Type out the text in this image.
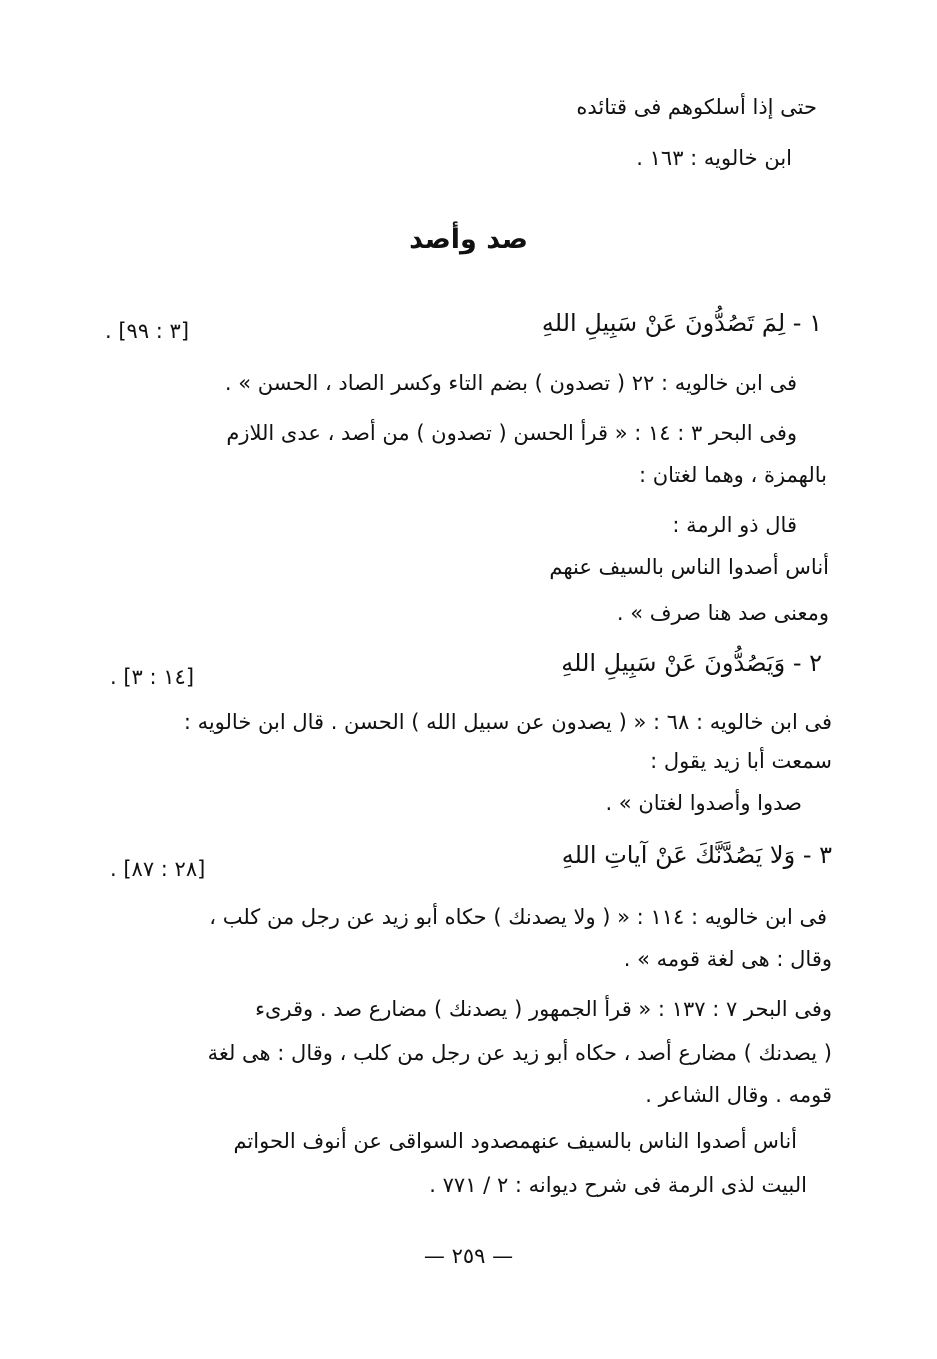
حتى إذا أسلكوهم فى قتائده
ابن خالويه : ١٦٣ .
صد وأصد
١ - لِمَ تَصُدُّونَ عَنْ سَبِيلِ اللهِ
[٣ : ٩٩] .
فى ابن خالويه : ٢٢ ( تصدون ) بضم التاء وكسر الصاد ، الحسن » .
وفى البحر ٣ : ١٤ : « قرأ الحسن ( تصدون ) من أصد ، عدى اللازم
بالهمزة ، وهما لغتان :
قال ذو الرمة :
أناس أصدوا الناس بالسيف عنهم
ومعنى صد هنا صرف » .
٢ - وَيَصُدُّونَ عَنْ سَبِيلِ اللهِ
[١٤ : ٣] .
فى ابن خالويه : ٦٨ : « ( يصدون عن سبيل الله ) الحسن . قال ابن خالويه :
سمعت أبا زيد يقول :
صدوا وأصدوا لغتان » .
٣ - وَلا يَصُدَّنَّكَ عَنْ آياتِ اللهِ
[٢٨ : ٨٧] .
فى ابن خالويه : ١١٤ : « ( ولا يصدنك ) حكاه أبو زيد عن رجل من كلب ،
وقال : هى لغة قومه » .
وفى البحر ٧ : ١٣٧ : « قرأ الجمهور ( يصدنك ) مضارع صد . وقرىء
( يصدنك ) مضارع أصد ، حكاه أبو زيد عن رجل من كلب ، وقال : هى لغة
قومه . وقال الشاعر .
أناس أصدوا الناس بالسيف عنهمصدود السواقى عن أنوف الحواتم
البيت لذى الرمة فى شرح ديوانه : ٢ / ٧٧١ .
— ٢٥٩ —
